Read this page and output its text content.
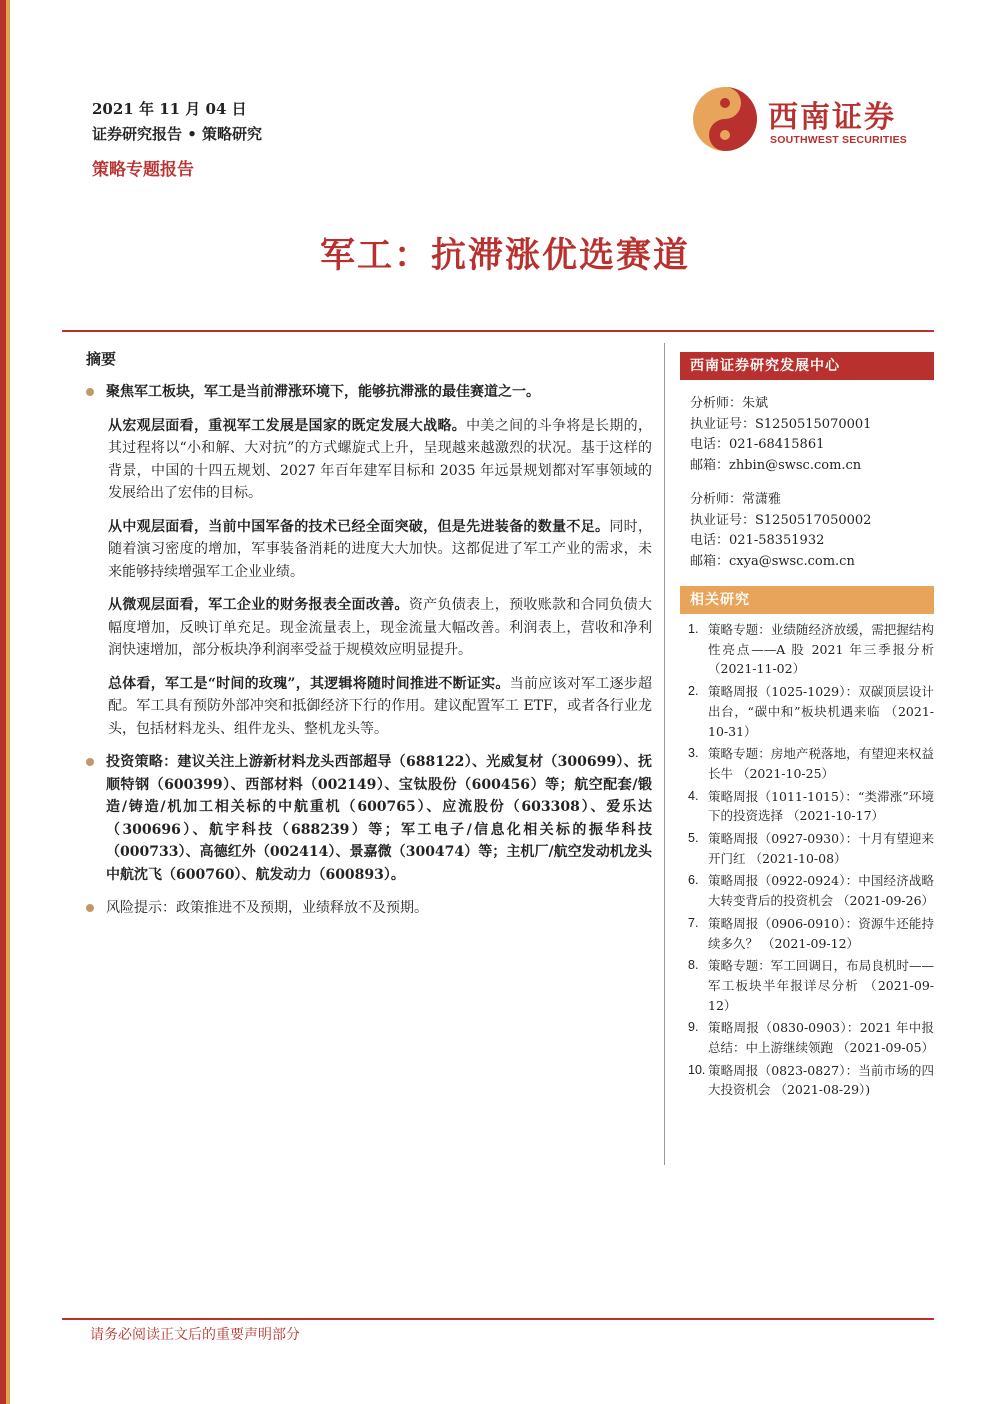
2021 年 11 月 04 日
证券研究报告 • 策略研究
策略专题报告
西南证券
SOUTHWEST SECURITIES
军工：抗滞涨优选赛道
摘要
聚焦军工板块，军工是当前滞涨环境下，能够抗滞涨的最佳赛道之一。
从宏观层面看，重视军工发展是国家的既定发展大战略。中美之间的斗争将是长期的，其过程将以“小和解、大对抗”的方式螺旋式上升，呈现越来越激烈的状况。基于这样的背景，中国的十四五规划、2027 年百年建军目标和 2035 年远景规划都对军事领域的发展给出了宏伟的目标。
从中观层面看，当前中国军备的技术已经全面突破，但是先进装备的数量不足。同时，随着演习密度的增加，军事装备消耗的进度大大加快。这都促进了军工产业的需求，未来能够持续增强军工企业业绩。
从微观层面看，军工企业的财务报表全面改善。资产负债表上，预收账款和合同负债大幅度增加，反映订单充足。现金流量表上，现金流量大幅改善。利润表上，营收和净利润快速增加，部分板块净利润率受益于规模效应明显提升。
总体看，军工是“时间的玫瑰”，其逻辑将随时间推进不断证实。当前应该对军工逐步超配。军工具有预防外部冲突和抵御经济下行的作用。建议配置军工 ETF，或者各行业龙头，包括材料龙头、组件龙头、整机龙头等。
投资策略：建议关注上游新材料龙头西部超导（688122）、光威复材（300699）、抚顺特钢（600399）、西部材料（002149）、宝钛股份（600456）等；航空配套/锻造/铸造/机加工相关标的中航重机（600765）、应流股份（603308）、爱乐达（300696）、航宇科技（688239）等；军工电子/信息化相关标的振华科技（000733）、高德红外（002414）、景嘉微（300474）等；主机厂/航空发动机龙头中航沈飞（600760）、航发动力（600893）。
风险提示：政策推进不及预期，业绩释放不及预期。
西南证券研究发展中心
分析师：朱斌
执业证号：S1250515070001
电话：021-68415861
邮箱：zhbin@swsc.com.cn
分析师：常潇雅
执业证号：S1250517050002
电话：021-58351932
邮箱：cxya@swsc.com.cn
相关研究
1. 策略专题：业绩随经济放缓，需把握结构性亮点——A 股 2021 年三季报分析 （2021-11-02）
2. 策略周报（1025-1029）：双碳顶层设计出台，“碳中和”板块机遇来临 （2021-10-31）
3. 策略专题：房地产税落地，有望迎来权益长牛 （2021-10-25）
4. 策略周报（1011-1015）：“类滞涨”环境下的投资选择 （2021-10-17）
5. 策略周报（0927-0930）：十月有望迎来开门红 （2021-10-08）
6. 策略周报（0922-0924）：中国经济战略大转变背后的投资机会 （2021-09-26）
7. 策略周报（0906-0910）：资源牛还能持续多久？ （2021-09-12）
8. 策略专题：军工回调日，布局良机时——军工板块半年报详尽分析 （2021-09-12）
9. 策略周报（0830-0903）：2021 年中报总结：中上游继续领跑 （2021-09-05）
10. 策略周报（0823-0827）：当前市场的四大投资机会 （2021-08-29）)
请务必阅读正文后的重要声明部分
